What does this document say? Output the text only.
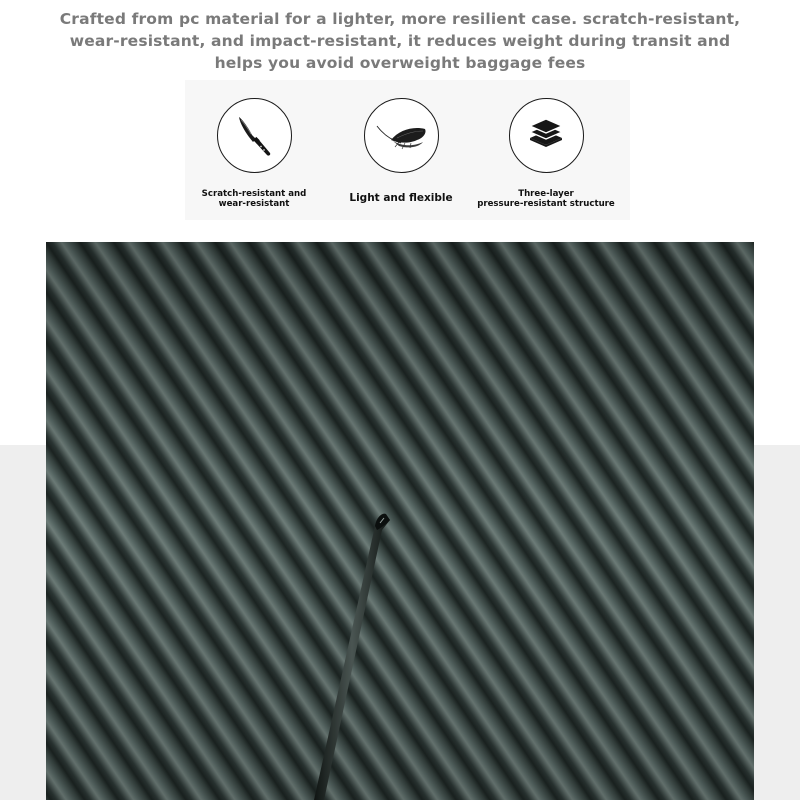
Crafted from pc material for a lighter, more resilient case. scratch-resistant,
wear-resistant, and impact-resistant, it reduces weight during transit and
helps you avoid overweight baggage fees
Scratch-resistant and
wear-resistant	Light and flexible	Three-layer
pressure-resistant structure
